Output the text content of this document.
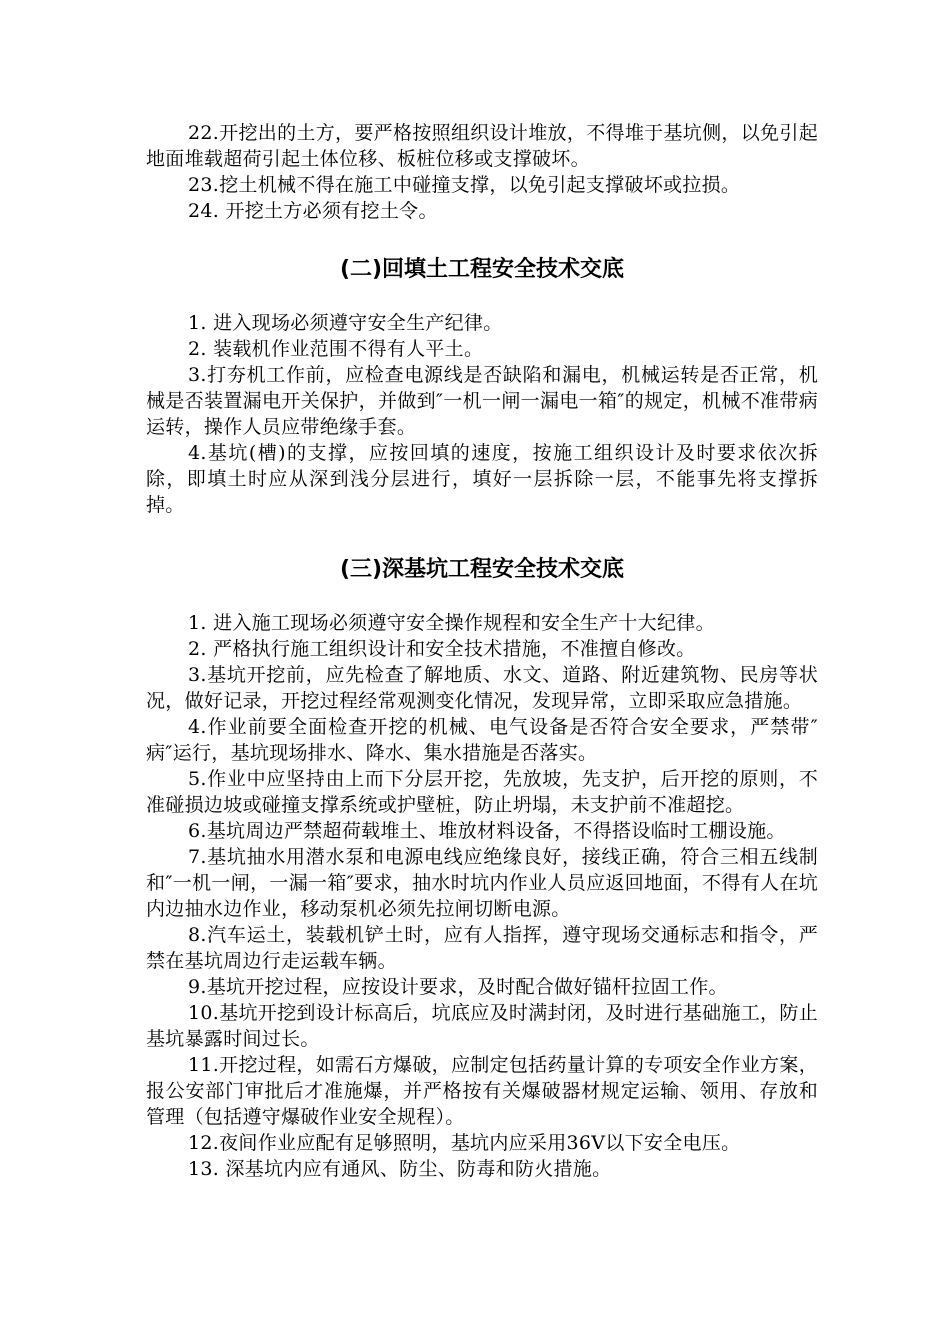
22.开挖出的土方，要严格按照组织设计堆放，不得堆于基坑侧，以免引起地面堆载超荷引起土体位移、板桩位移或支撑破坏。

23.挖土机械不得在施工中碰撞支撑，以免引起支撑破坏或拉损。

24. 开挖土方必须有挖土令。

(二)回填土工程安全技术交底

1. 进入现场必须遵守安全生产纪律。

2. 装载机作业范围不得有人平土。

3.打夯机工作前，应检查电源线是否缺陷和漏电，机械运转是否正常，机械是否装置漏电开关保护，并做到″一机一闸一漏电一箱″的规定，机械不准带病运转，操作人员应带绝缘手套。

4.基坑(槽)的支撑，应按回填的速度，按施工组织设计及时要求依次拆除，即填土时应从深到浅分层进行，填好一层拆除一层，不能事先将支撑拆掉。

(三)深基坑工程安全技术交底

1. 进入施工现场必须遵守安全操作规程和安全生产十大纪律。

2. 严格执行施工组织设计和安全技术措施，不准擅自修改。

3.基坑开挖前，应先检查了解地质、水文、道路、附近建筑物、民房等状况，做好记录，开挖过程经常观测变化情况，发现异常，立即采取应急措施。

4.作业前要全面检查开挖的机械、电气设备是否符合安全要求，严禁带″病″运行，基坑现场排水、降水、集水措施是否落实。

5.作业中应坚持由上而下分层开挖，先放坡，先支护，后开挖的原则，不准碰损边坡或碰撞支撑系统或护壁桩，防止坍塌，未支护前不准超挖。

6.基坑周边严禁超荷载堆土、堆放材料设备，不得搭设临时工棚设施。

7.基坑抽水用潜水泵和电源电线应绝缘良好，接线正确，符合三相五线制和″一机一闸，一漏一箱″要求，抽水时坑内作业人员应返回地面，不得有人在坑内边抽水边作业，移动泵机必须先拉闸切断电源。

8.汽车运土，装载机铲土时，应有人指挥，遵守现场交通标志和指令，严禁在基坑周边行走运载车辆。

9.基坑开挖过程，应按设计要求，及时配合做好锚杆拉固工作。

10.基坑开挖到设计标高后，坑底应及时满封闭，及时进行基础施工，防止基坑暴露时间过长。

11.开挖过程，如需石方爆破，应制定包括药量计算的专项安全作业方案，报公安部门审批后才准施爆，并严格按有关爆破器材规定运输、领用、存放和管理（包括遵守爆破作业安全规程）。

12.夜间作业应配有足够照明，基坑内应采用36V以下安全电压。

13. 深基坑内应有通风、防尘、防毒和防火措施。
